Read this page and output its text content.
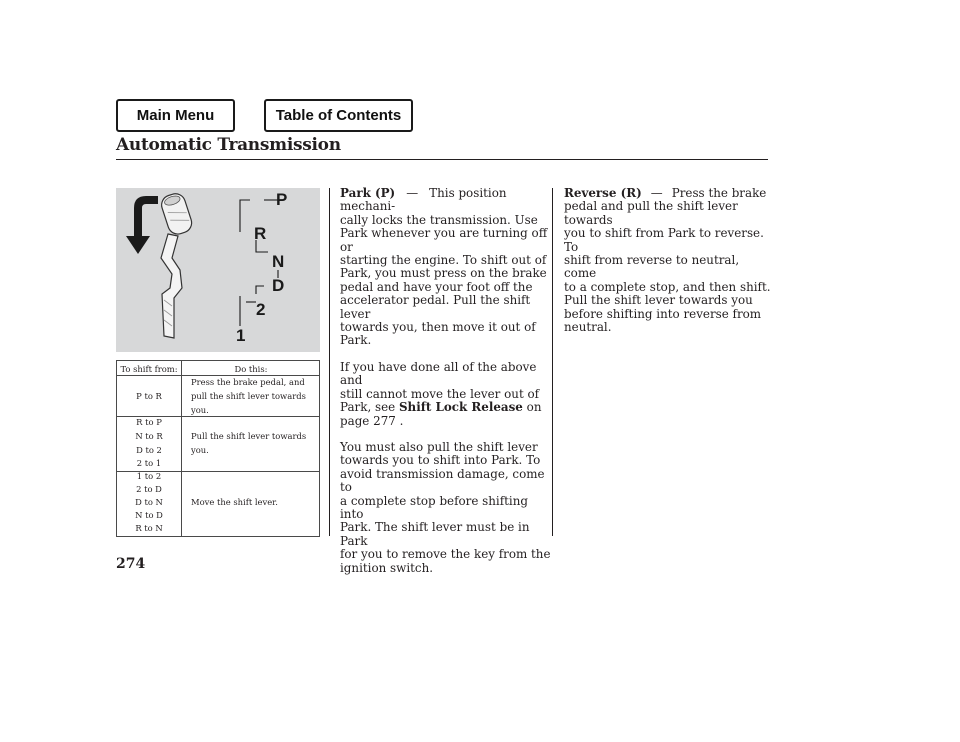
Main Menu	Table of Contents
Automatic Transmission
P
R
N
D
2
1
To shift from:	Do this:
P to R
Press the brake pedal, and
pull the shift lever towards
you.
R to P
N to R
D to 2
2 to 1
Pull the shift lever towards
you.
1 to 2
2 to D
D to N
N to D
R to N
Move the shift lever.

Park (P) — This position mechani-

cally locks the transmission. Use

Park whenever you are turning off or

starting the engine. To shift out of

Park, you must press on the brake

pedal and have your foot off the

accelerator pedal. Pull the shift lever

towards you, then move it out of

Park.

If you have done all of the above and

still cannot move the lever out of

Park, see Shift Lock Release on

page 277 .

You must also pull the shift lever

towards you to shift into Park. To

avoid transmission damage, come to

a complete stop before shifting into

Park. The shift lever must be in Park

for you to remove the key from the

ignition switch.

Reverse (R) — Press the brake

pedal and pull the shift lever towards

you to shift from Park to reverse. To

shift from reverse to neutral, come

to a complete stop, and then shift.

Pull the shift lever towards you

before shifting into reverse from

neutral.

274
